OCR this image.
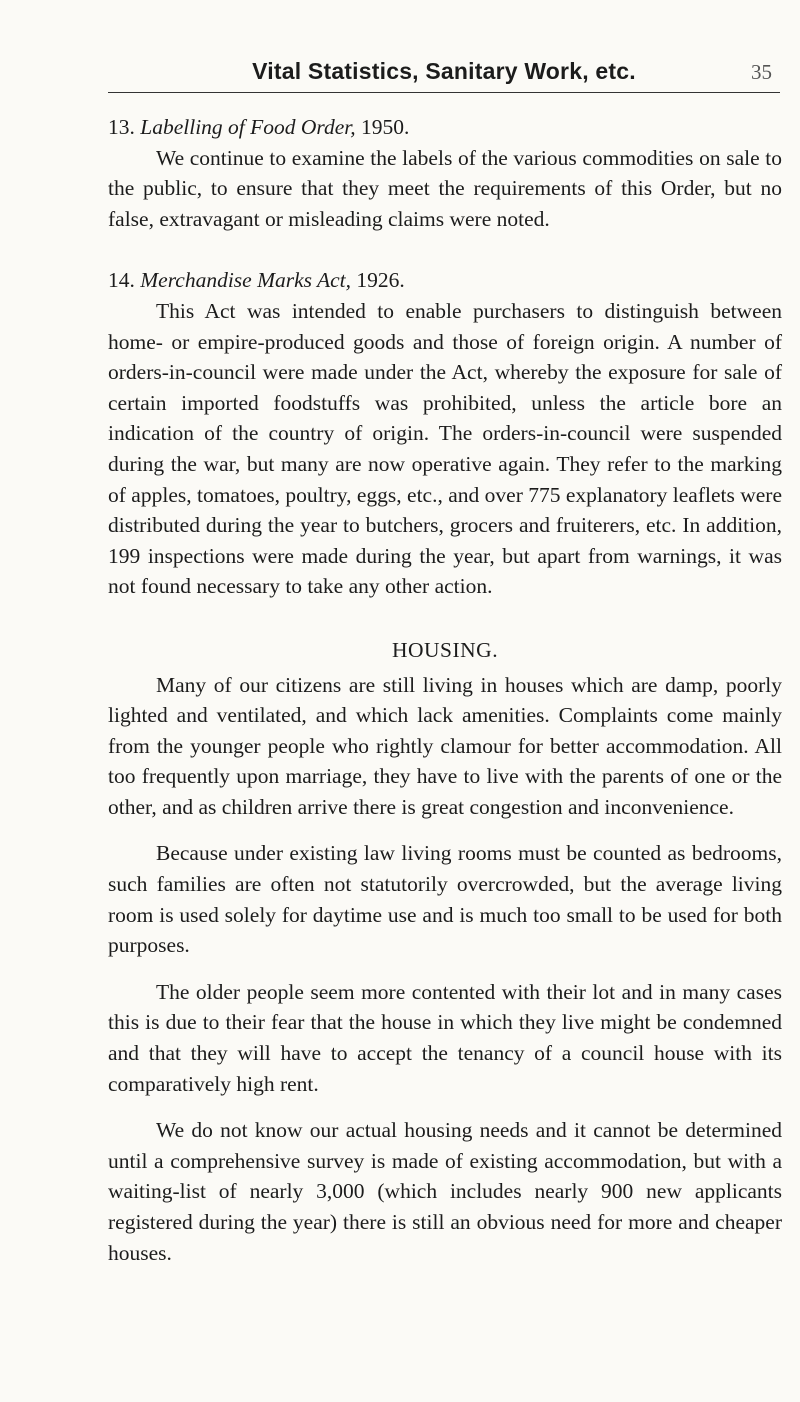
Vital Statistics, Sanitary Work, etc.	35

13. Labelling of Food Order, 1950.

We continue to examine the labels of the various commodities on sale to the public, to ensure that they meet the requirements of this Order, but no false, extravagant or misleading claims were noted.

14. Merchandise Marks Act, 1926.

This Act was intended to enable purchasers to distinguish between home- or empire-produced goods and those of foreign origin. A number of orders-in-council were made under the Act, whereby the exposure for sale of certain imported foodstuffs was prohibited, unless the article bore an indication of the country of origin. The orders-in-council were suspended during the war, but many are now operative again. They refer to the marking of apples, tomatoes, poultry, eggs, etc., and over 775 explanatory leaflets were distributed during the year to butchers, grocers and fruiterers, etc. In addition, 199 inspections were made during the year, but apart from warnings, it was not found necessary to take any other action.

HOUSING.

Many of our citizens are still living in houses which are damp, poorly lighted and ventilated, and which lack amenities. Complaints come mainly from the younger people who rightly clamour for better accommodation. All too frequently upon marriage, they have to live with the parents of one or the other, and as children arrive there is great congestion and inconvenience.

Because under existing law living rooms must be counted as bedrooms, such families are often not statutorily overcrowded, but the average living room is used solely for daytime use and is much too small to be used for both purposes.

The older people seem more contented with their lot and in many cases this is due to their fear that the house in which they live might be condemned and that they will have to accept the tenancy of a council house with its comparatively high rent.

We do not know our actual housing needs and it cannot be determined until a comprehensive survey is made of existing accommodation, but with a waiting-list of nearly 3,000 (which includes nearly 900 new applicants registered during the year) there is still an obvious need for more and cheaper houses.
